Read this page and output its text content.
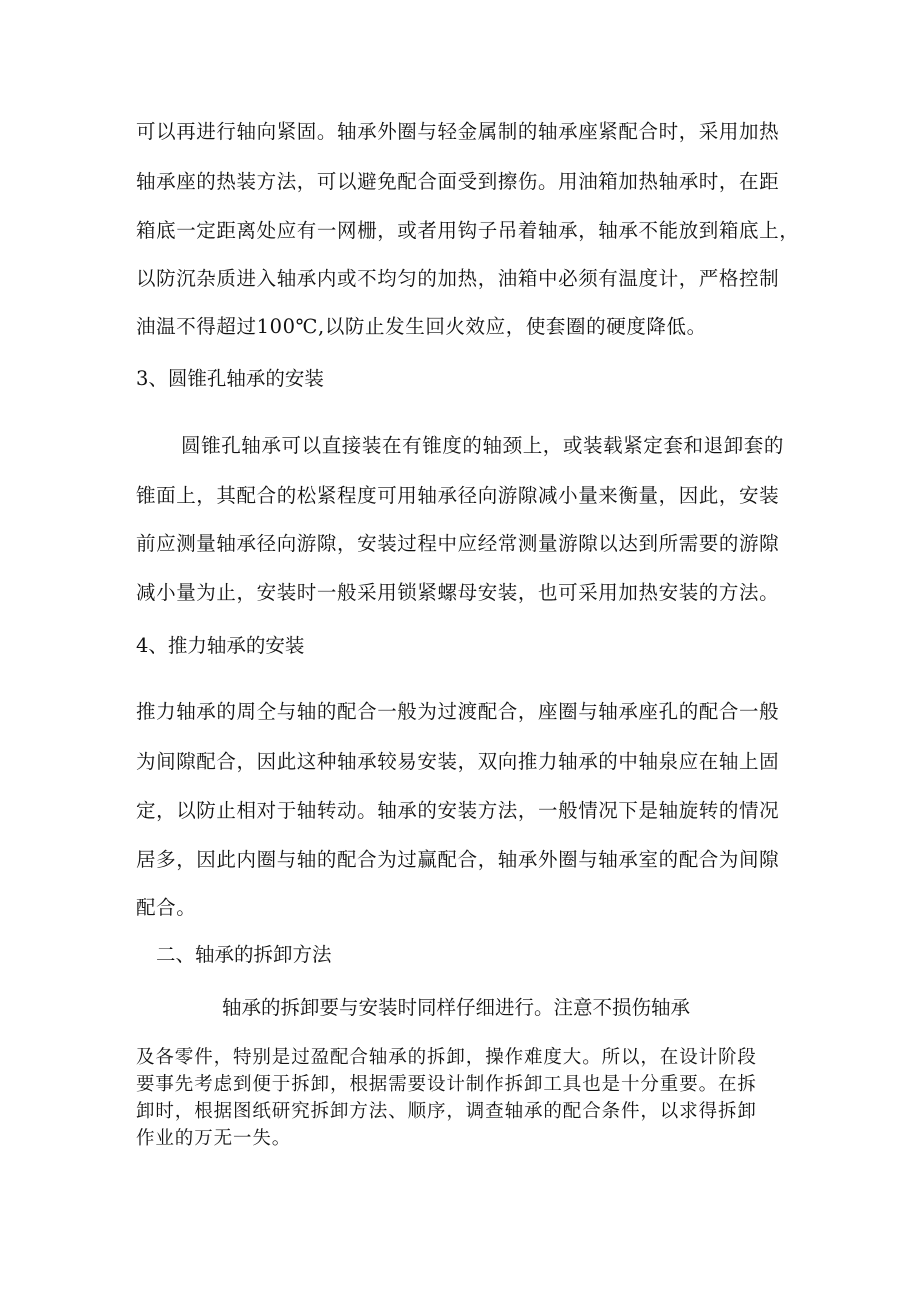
可以再进行轴向紧固。轴承外圈与轻金属制的轴承座紧配合时，采用加热
轴承座的热装方法，可以避免配合面受到擦伤。用油箱加热轴承时，在距
箱底一定距离处应有一网栅，或者用钩子吊着轴承，轴承不能放到箱底上，
以防沉杂质进入轴承内或不均匀的加热，油箱中必须有温度计，严格控制
油温不得超过100℃,以防止发生回火效应，使套圈的硬度降低。
3、圆锥孔轴承的安装
圆锥孔轴承可以直接装在有锥度的轴颈上，或装载紧定套和退卸套的
锥面上，其配合的松紧程度可用轴承径向游隙减小量来衡量，因此，安装
前应测量轴承径向游隙，安装过程中应经常测量游隙以达到所需要的游隙
减小量为止，安装时一般采用锁紧螺母安装，也可采用加热安装的方法。
4、推力轴承的安装
推力轴承的周仝与轴的配合一般为过渡配合，座圈与轴承座孔的配合一般
为间隙配合，因此这种轴承较易安装，双向推力轴承的中轴泉应在轴上固
定，以防止相对于轴转动。轴承的安装方法，一般情况下是轴旋转的情况
居多，因此内圈与轴的配合为过赢配合，轴承外圈与轴承室的配合为间隙
配合。
二、轴承的拆卸方法
轴承的拆卸要与安装时同样仔细进行。注意不损伤轴承
及各零件，特别是过盈配合轴承的拆卸，操作难度大。所以，在设计阶段
要事先考虑到便于拆卸，根据需要设计制作拆卸工具也是十分重要。在拆
卸时，根据图纸研究拆卸方法、顺序，调查轴承的配合条件，以求得拆卸
作业的万无一失。
